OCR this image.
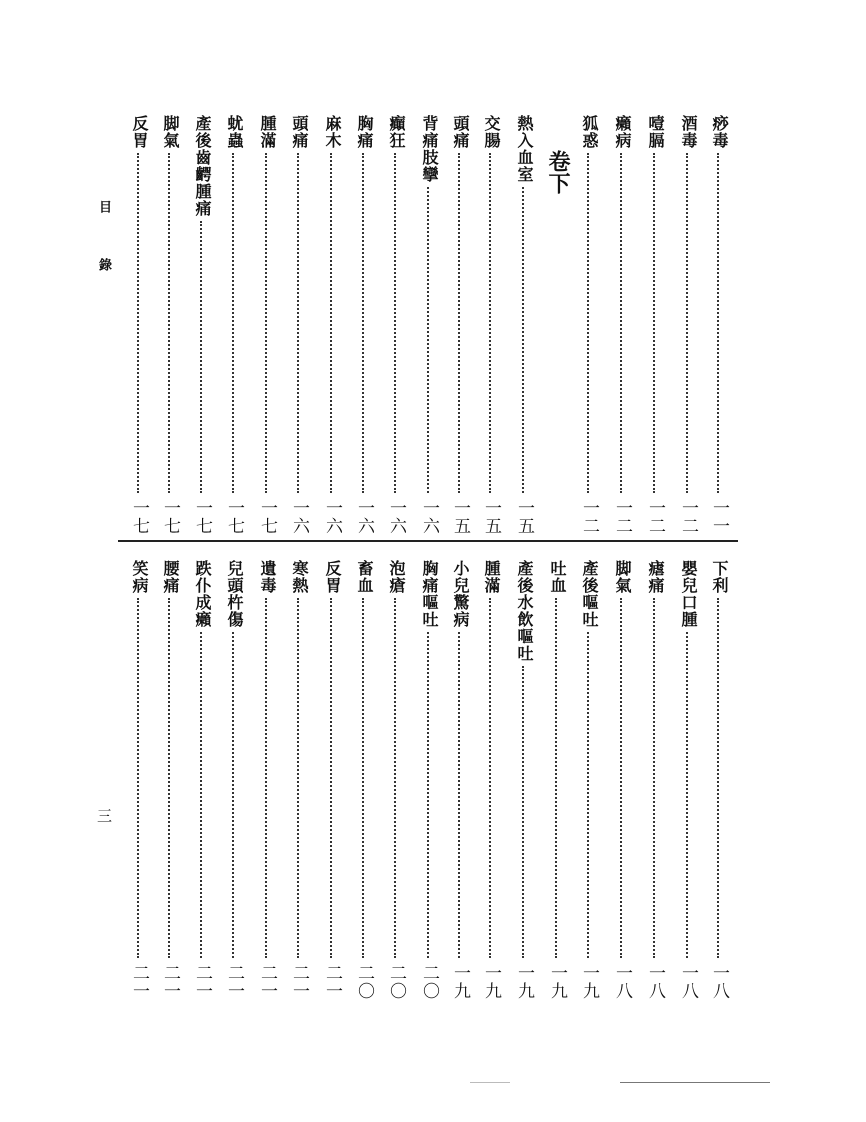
目
錄
三
卷下
痧毒
一一
酒毒
一二
噎膈
一二
癩病
一二
狐惑
一二
熱入血室
一五
交腸
一五
頭痛
一五
背痛肢攣
一六
癲狂
一六
胸痛
一六
麻木
一六
頭痛
一六
腫滿
一七
蚘蟲
一七
產後齒齶腫痛
一七
脚氣
一七
反胃
一七
下利
一八
嬰兒口腫
一八
瘧痛
一八
脚氣
一八
產後嘔吐
一九
吐血
一九
產後水飲嘔吐
一九
腫滿
一九
小兒驚病
一九
胸痛嘔吐
二〇
泡瘡
二〇
畜血
二〇
反胃
二一
寒熱
二一
遺毒
二一
兒頭杵傷
二一
跌仆成癩
二一
腰痛
二一
笑病
二一
